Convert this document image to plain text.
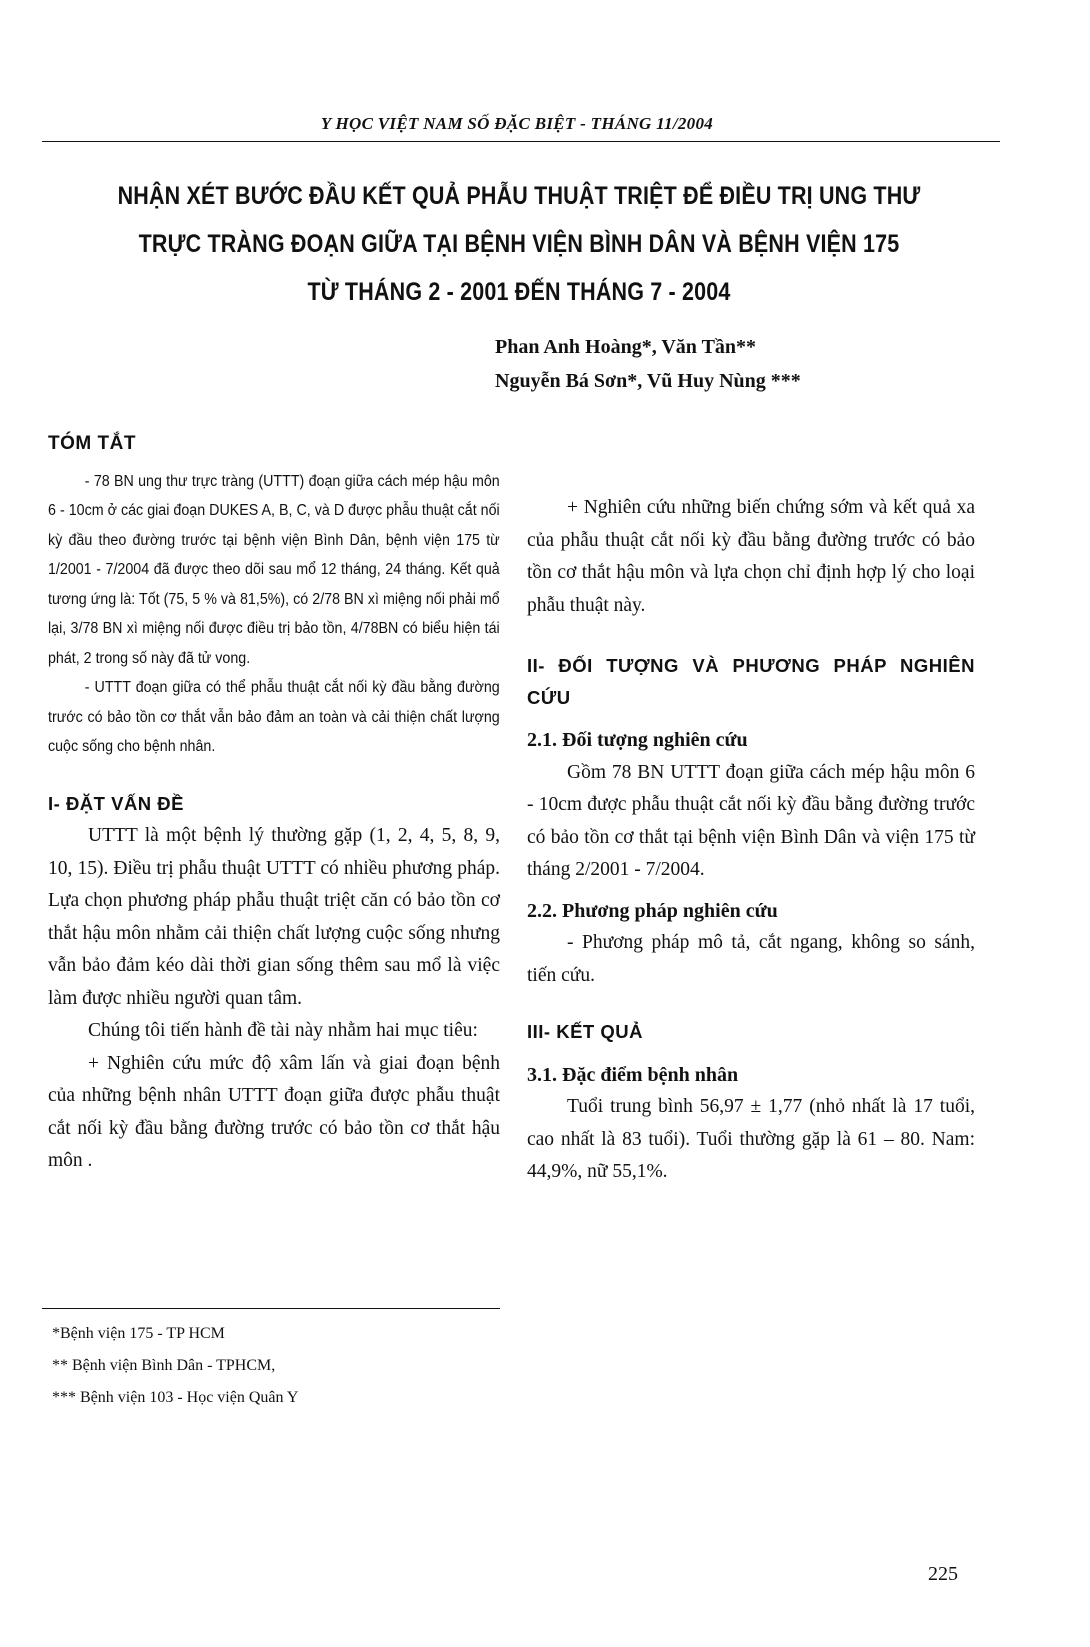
Y HỌC VIỆT NAM SỐ ĐẶC BIỆT - THÁNG 11/2004
NHẬN XÉT BƯỚC ĐẦU KẾT QUẢ PHẪU THUẬT TRIỆT ĐỂ ĐIỀU TRỊ UNG THƯ
TRỰC TRÀNG ĐOẠN GIỮA TẠI BỆNH VIỆN BÌNH DÂN VÀ BỆNH VIỆN 175
TỪ THÁNG 2 - 2001 ĐẾN THÁNG 7 - 2004
Phan Anh Hoàng*, Văn Tần**
Nguyễn Bá Sơn*, Vũ Huy Nùng ***
TÓM TẮT

- 78 BN ung thư trực tràng (UTTT) đoạn giữa cách mép hậu môn 6 - 10cm ở các giai đoạn DUKES A, B, C, và D được phẫu thuật cắt nối kỳ đầu theo đường trước tại bệnh viện Bình Dân, bệnh viện 175 từ 1/2001 - 7/2004 đã được theo dõi sau mổ 12 tháng, 24 tháng. Kết quả tương ứng là: Tốt (75, 5 % và 81,5%), có 2/78 BN xì miệng nối phải mổ lại, 3/78 BN xì miệng nối được điều trị bảo tồn, 4/78BN có biểu hiện tái phát, 2 trong số này đã tử vong.

- UTTT đoạn giữa có thể phẫu thuật cắt nối kỳ đầu bằng đường trước có bảo tồn cơ thắt vẫn bảo đảm an toàn và cải thiện chất lượng cuộc sống cho bệnh nhân.

I- ĐẶT VẤN ĐỀ

UTTT là một bệnh lý thường gặp (1, 2, 4, 5, 8, 9, 10, 15). Điều trị phẫu thuật UTTT có nhiều phương pháp. Lựa chọn phương pháp phẫu thuật triệt căn có bảo tồn cơ thắt hậu môn nhằm cải thiện chất lượng cuộc sống nhưng vẫn bảo đảm kéo dài thời gian sống thêm sau mổ là việc làm được nhiều người quan tâm.

Chúng tôi tiến hành đề tài này nhằm hai mục tiêu:

+ Nghiên cứu mức độ xâm lấn và giai đoạn bệnh của những bệnh nhân UTTT đoạn giữa được phẫu thuật cắt nối kỳ đầu bằng đường trước có bảo tồn cơ thắt hậu môn .

+ Nghiên cứu những biến chứng sớm và kết quả xa của phẫu thuật cắt nối kỳ đầu bằng đường trước có bảo tồn cơ thắt hậu môn và lựa chọn chỉ định hợp lý cho loại phẫu thuật này.

II- ĐỐI TƯỢNG VÀ PHƯƠNG PHÁP NGHIÊN CỨU
2.1. Đối tượng nghiên cứu

Gồm 78 BN UTTT đoạn giữa cách mép hậu môn 6 - 10cm được phẫu thuật cắt nối kỳ đầu bằng đường trước có bảo tồn cơ thắt tại bệnh viện Bình Dân và viện 175 từ tháng 2/2001 - 7/2004.

2.2. Phương pháp nghiên cứu

- Phương pháp mô tả, cắt ngang, không so sánh, tiến cứu.

III- KẾT QUẢ
3.1. Đặc điểm bệnh nhân

Tuổi trung bình 56,97 ± 1,77 (nhỏ nhất là 17 tuổi, cao nhất là 83 tuổi). Tuổi thường gặp là 61 – 80. Nam: 44,9%, nữ 55,1%.

*Bệnh viện 175 - TP HCM
** Bệnh viện Bình Dân - TPHCM,
*** Bệnh viện 103 - Học viện Quân Y
225
